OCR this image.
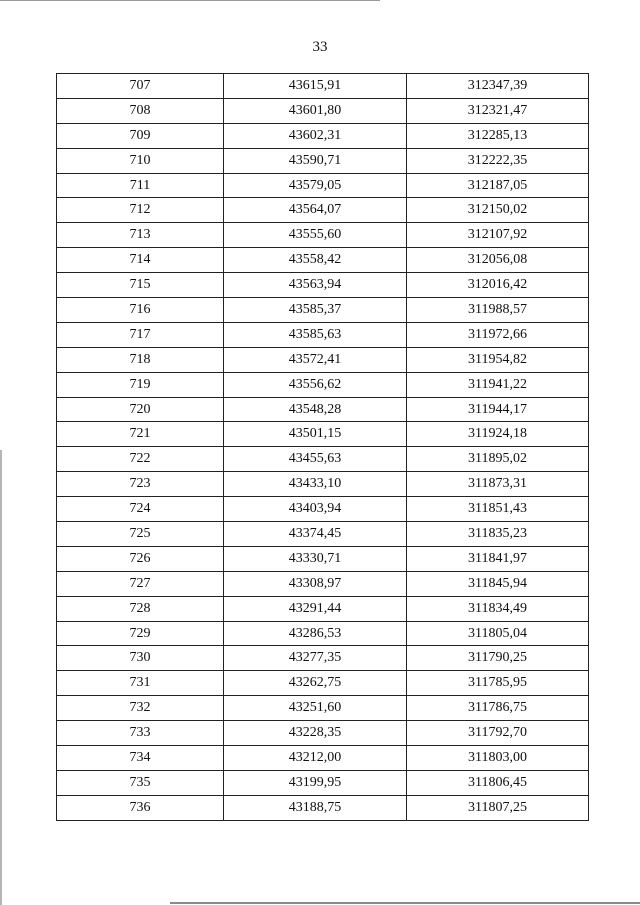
33
707	43615,91	312347,39
708	43601,80	312321,47
709	43602,31	312285,13
710	43590,71	312222,35
711	43579,05	312187,05
712	43564,07	312150,02
713	43555,60	312107,92
714	43558,42	312056,08
715	43563,94	312016,42
716	43585,37	311988,57
717	43585,63	311972,66
718	43572,41	311954,82
719	43556,62	311941,22
720	43548,28	311944,17
721	43501,15	311924,18
722	43455,63	311895,02
723	43433,10	311873,31
724	43403,94	311851,43
725	43374,45	311835,23
726	43330,71	311841,97
727	43308,97	311845,94
728	43291,44	311834,49
729	43286,53	311805,04
730	43277,35	311790,25
731	43262,75	311785,95
732	43251,60	311786,75
733	43228,35	311792,70
734	43212,00	311803,00
735	43199,95	311806,45
736	43188,75	311807,25
